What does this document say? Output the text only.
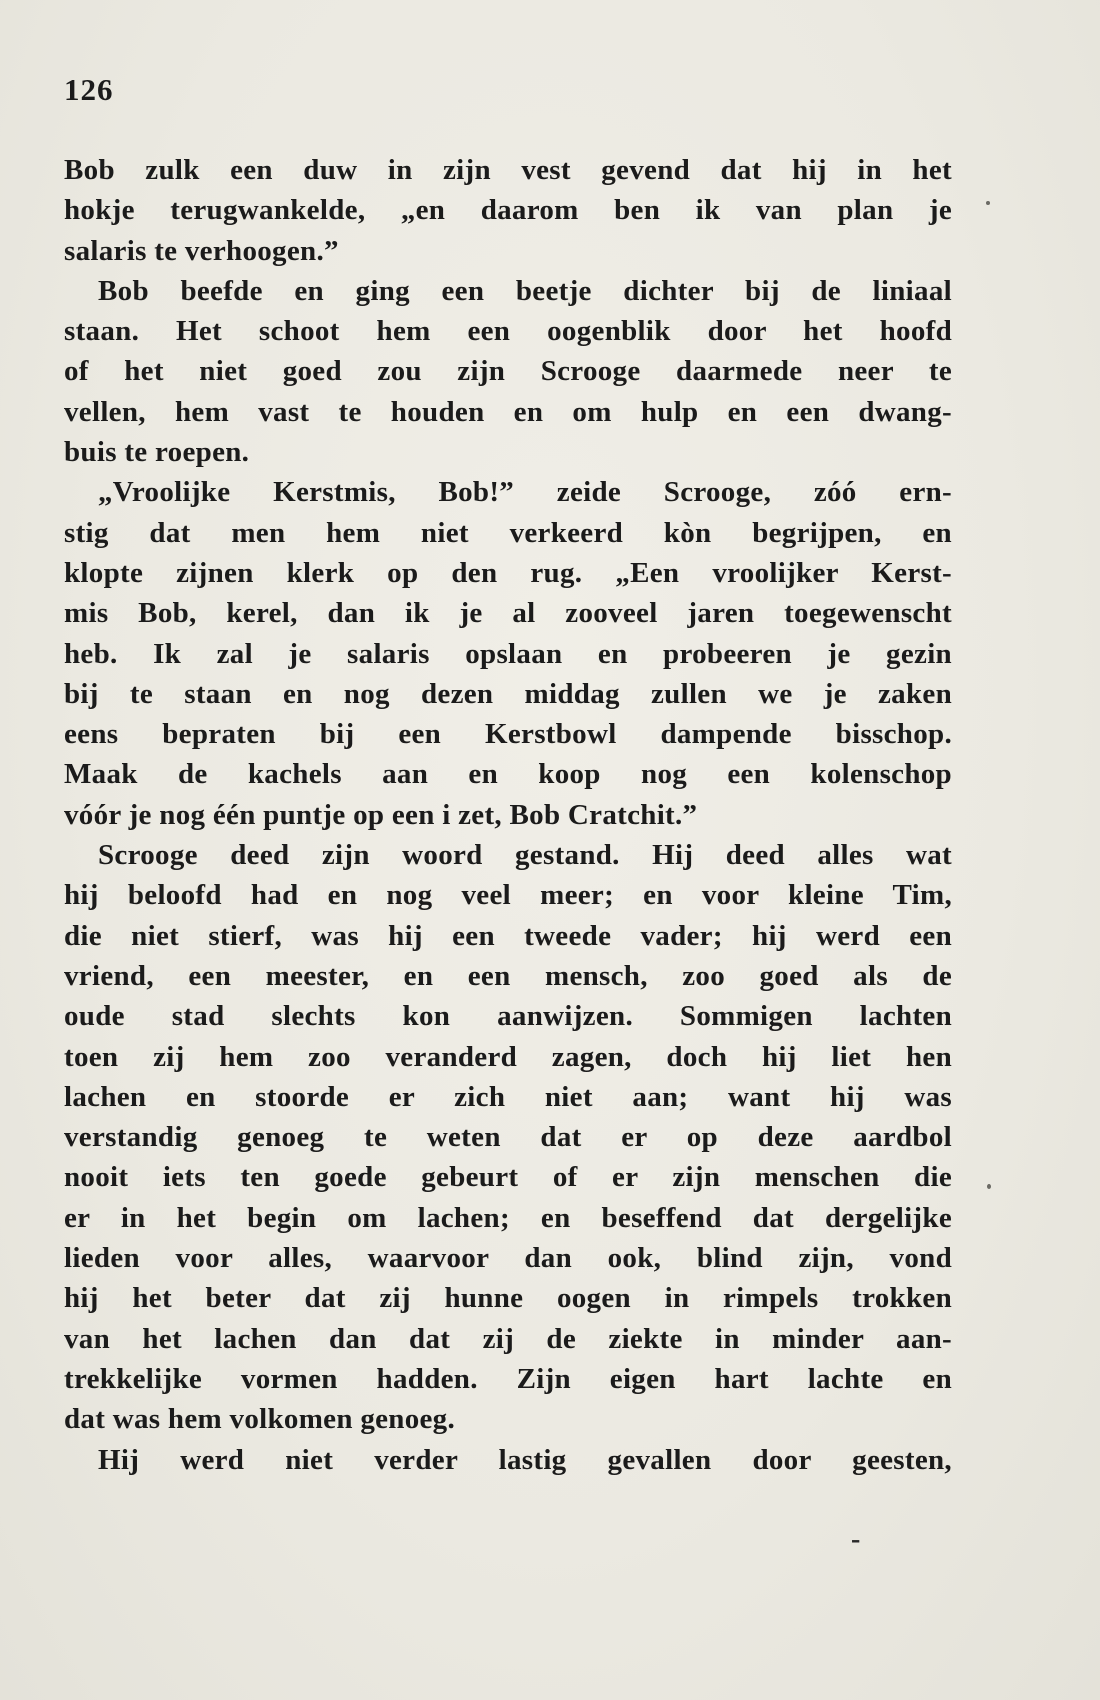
126
Bob zulk een duw in zijn vest gevend dat hij in het
hokje terugwankelde, „en daarom ben ik van plan je
salaris te verhoogen.”
Bob beefde en ging een beetje dichter bij de liniaal
staan. Het schoot hem een oogenblik door het hoofd
of het niet goed zou zijn Scrooge daarmede neer te
vellen, hem vast te houden en om hulp en een dwang-
buis te roepen.
„Vroolijke Kerstmis, Bob!” zeide Scrooge, zóó ern-
stig dat men hem niet verkeerd kòn begrijpen, en
klopte zijnen klerk op den rug. „Een vroolijker Kerst-
mis Bob, kerel, dan ik je al zooveel jaren toegewenscht
heb. Ik zal je salaris opslaan en probeeren je gezin
bij te staan en nog dezen middag zullen we je zaken
eens bepraten bij een Kerstbowl dampende bisschop.
Maak de kachels aan en koop nog een kolenschop
vóór je nog één puntje op een i zet, Bob Cratchit.”
Scrooge deed zijn woord gestand. Hij deed alles wat
hij beloofd had en nog veel meer; en voor kleine Tim,
die niet stierf, was hij een tweede vader; hij werd een
vriend, een meester, en een mensch, zoo goed als de
oude stad slechts kon aanwijzen. Sommigen lachten
toen zij hem zoo veranderd zagen, doch hij liet hen
lachen en stoorde er zich niet aan; want hij was
verstandig genoeg te weten dat er op deze aardbol
nooit iets ten goede gebeurt of er zijn menschen die
er in het begin om lachen; en beseffend dat dergelijke
lieden voor alles, waarvoor dan ook, blind zijn, vond
hij het beter dat zij hunne oogen in rimpels trokken
van het lachen dan dat zij de ziekte in minder aan-
trekkelijke vormen hadden. Zijn eigen hart lachte en
dat was hem volkomen genoeg.
Hij werd niet verder lastig gevallen door geesten,
-
